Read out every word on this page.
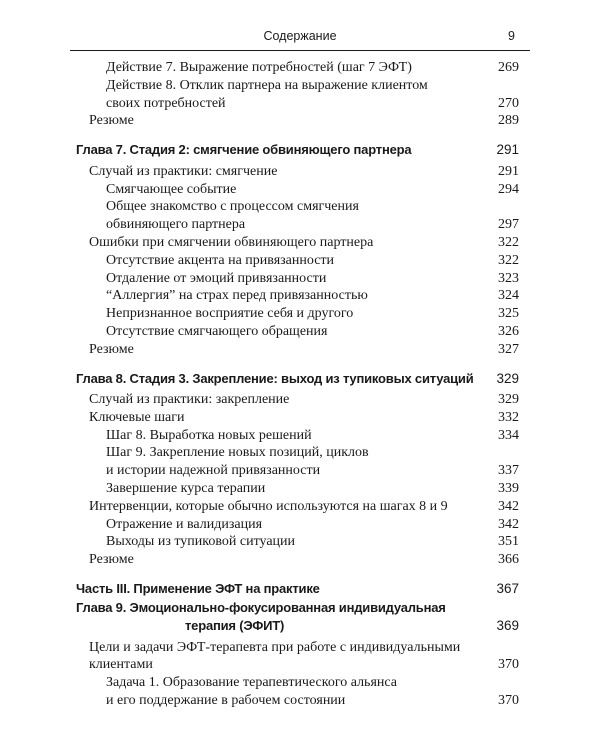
Содержание	9
Действие 7. Выражение потребностей (шаг 7 ЭФТ)	269
Действие 8. Отклик партнера на выражение клиентом
своих потребностей	270
Резюме	289
Глава 7. Стадия 2: смягчение обвиняющего партнера	291
Случай из практики: смягчение	291
Смягчающее событие	294
Общее знакомство с процессом смягчения
обвиняющего партнера	297
Ошибки при смягчении обвиняющего партнера	322
Отсутствие акцента на привязанности	322
Отдаление от эмоций привязанности	323
“Аллергия” на страх перед привязанностью	324
Непризнанное восприятие себя и другого	325
Отсутствие смягчающего обращения	326
Резюме	327
Глава 8. Стадия 3. Закрепление: выход из тупиковых ситуаций 329
Случай из практики: закрепление	329
Ключевые шаги	332
Шаг 8. Выработка новых решений	334
Шаг 9. Закрепление новых позиций, циклов
и истории надежной привязанности	337
Завершение курса терапии	339
Интервенции, которые обычно используются на шагах 8 и 9	342
Отражение и валидизация	342
Выходы из тупиковой ситуации	351
Резюме	366
Часть III. Применение ЭФТ на практике	367
Глава 9. Эмоционально-фокусированная индивидуальная
терапия (ЭФИТ)	369
Цели и задачи ЭФТ-терапевта при работе с индивидуальными
клиентами	370
Задача 1. Образование терапевтического альянса
и его поддержание в рабочем состоянии	370
